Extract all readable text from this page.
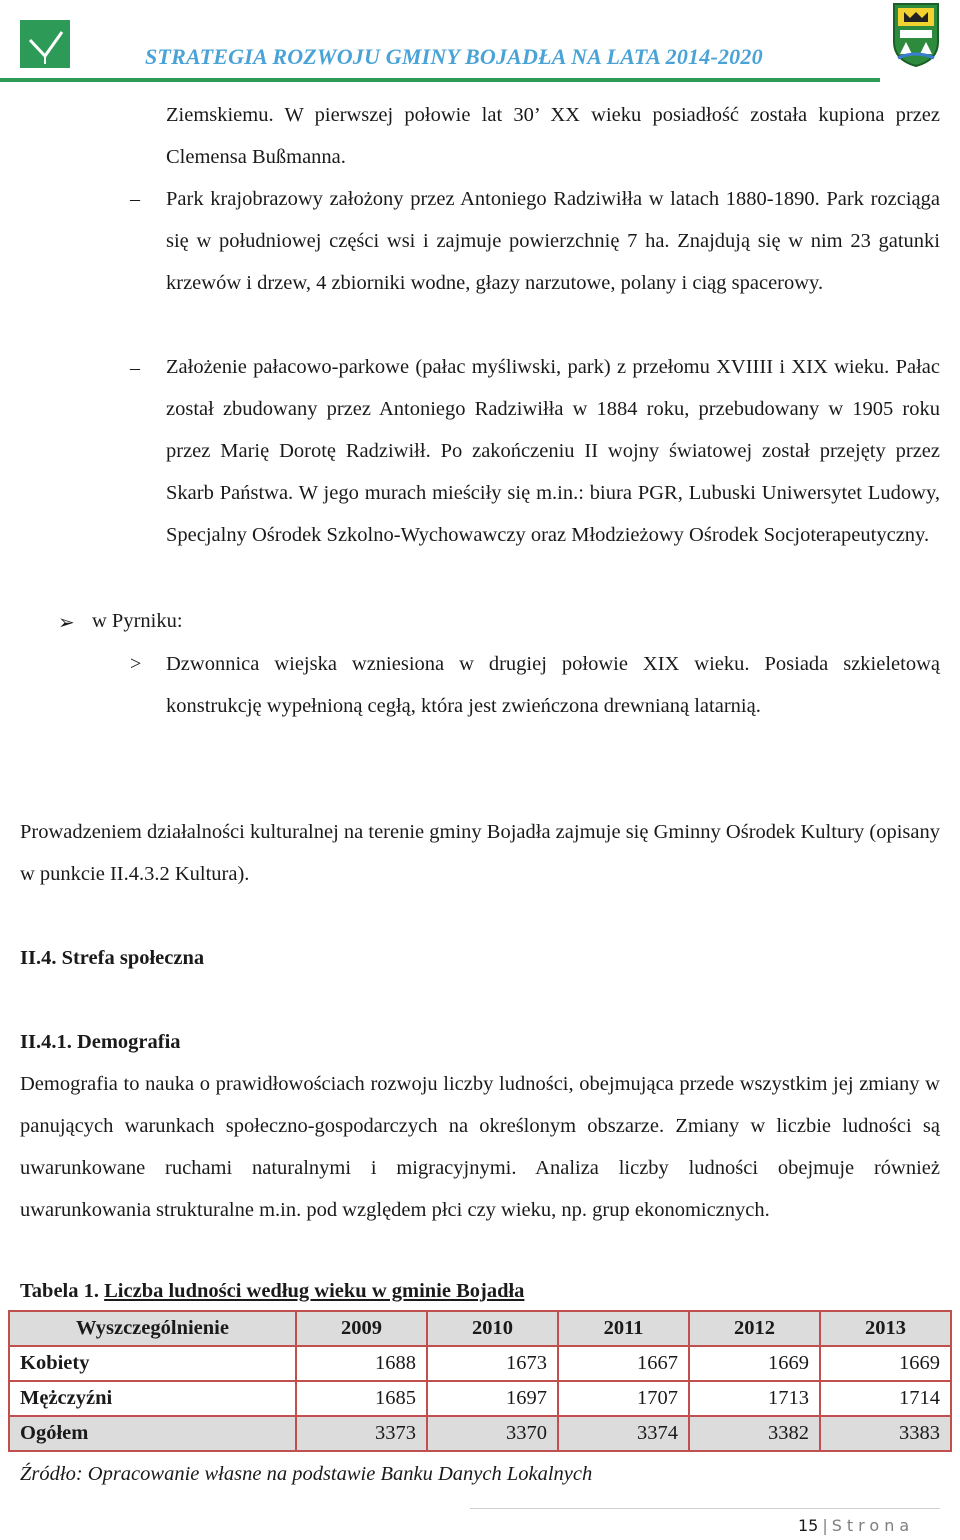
STRATEGIA ROZWOJU GMINY BOJADŁA NA LATA 2014-2020
Ziemskiemu. W pierwszej połowie lat 30’ XX wieku posiadłość została kupiona przez Clemensa Bußmanna.
– Park krajobrazowy założony przez Antoniego Radziwiłła w latach 1880-1890. Park rozciąga się w południowej części wsi i zajmuje powierzchnię 7 ha. Znajdują się w nim 23 gatunki krzewów i drzew, 4 zbiorniki wodne, głazy narzutowe, polany i ciąg spacerowy.
– Założenie pałacowo-parkowe (pałac myśliwski, park) z przełomu XVIIII i XIX wieku. Pałac został zbudowany przez Antoniego Radziwiłła w 1884 roku, przebudowany w 1905 roku przez Marię Dorotę Radziwiłł. Po zakończeniu II wojny światowej został przejęty przez Skarb Państwa. W jego murach mieściły się m.in.: biura PGR, Lubuski Uniwersytet Ludowy, Specjalny Ośrodek Szkolno-Wychowawczy oraz Młodzieżowy Ośrodek Socjoterapeutyczny.
➢ w Pyrniku:
> Dzwonnica wiejska wzniesiona w drugiej połowie XIX wieku. Posiada szkieletową konstrukcję wypełnioną cegłą, która jest zwieńczona drewnianą latarnią.
Prowadzeniem działalności kulturalnej na terenie gminy Bojadła zajmuje się Gminny Ośrodek Kultury (opisany w punkcie II.4.3.2 Kultura).
II.4. Strefa społeczna
II.4.1. Demografia
Demografia to nauka o prawidłowościach rozwoju liczby ludności, obejmująca przede wszystkim jej zmiany w panujących warunkach społeczno-gospodarczych na określonym obszarze. Zmiany w liczbie ludności są uwarunkowane ruchami naturalnymi i migracyjnymi. Analiza liczby ludności obejmuje również uwarunkowania strukturalne m.in. pod względem płci czy wieku, np. grup ekonomicznych.
Tabela 1. Liczba ludności według wieku w gminie Bojadła
Wyszczególnienie	2009	2010	2011	2012	2013
Kobiety	1688	1673	1667	1669	1669
Mężczyźni	1685	1697	1707	1713	1714
Ogółem	3373	3370	3374	3382	3383
Źródło: Opracowanie własne na podstawie Banku Danych Lokalnych
15 | Strona
